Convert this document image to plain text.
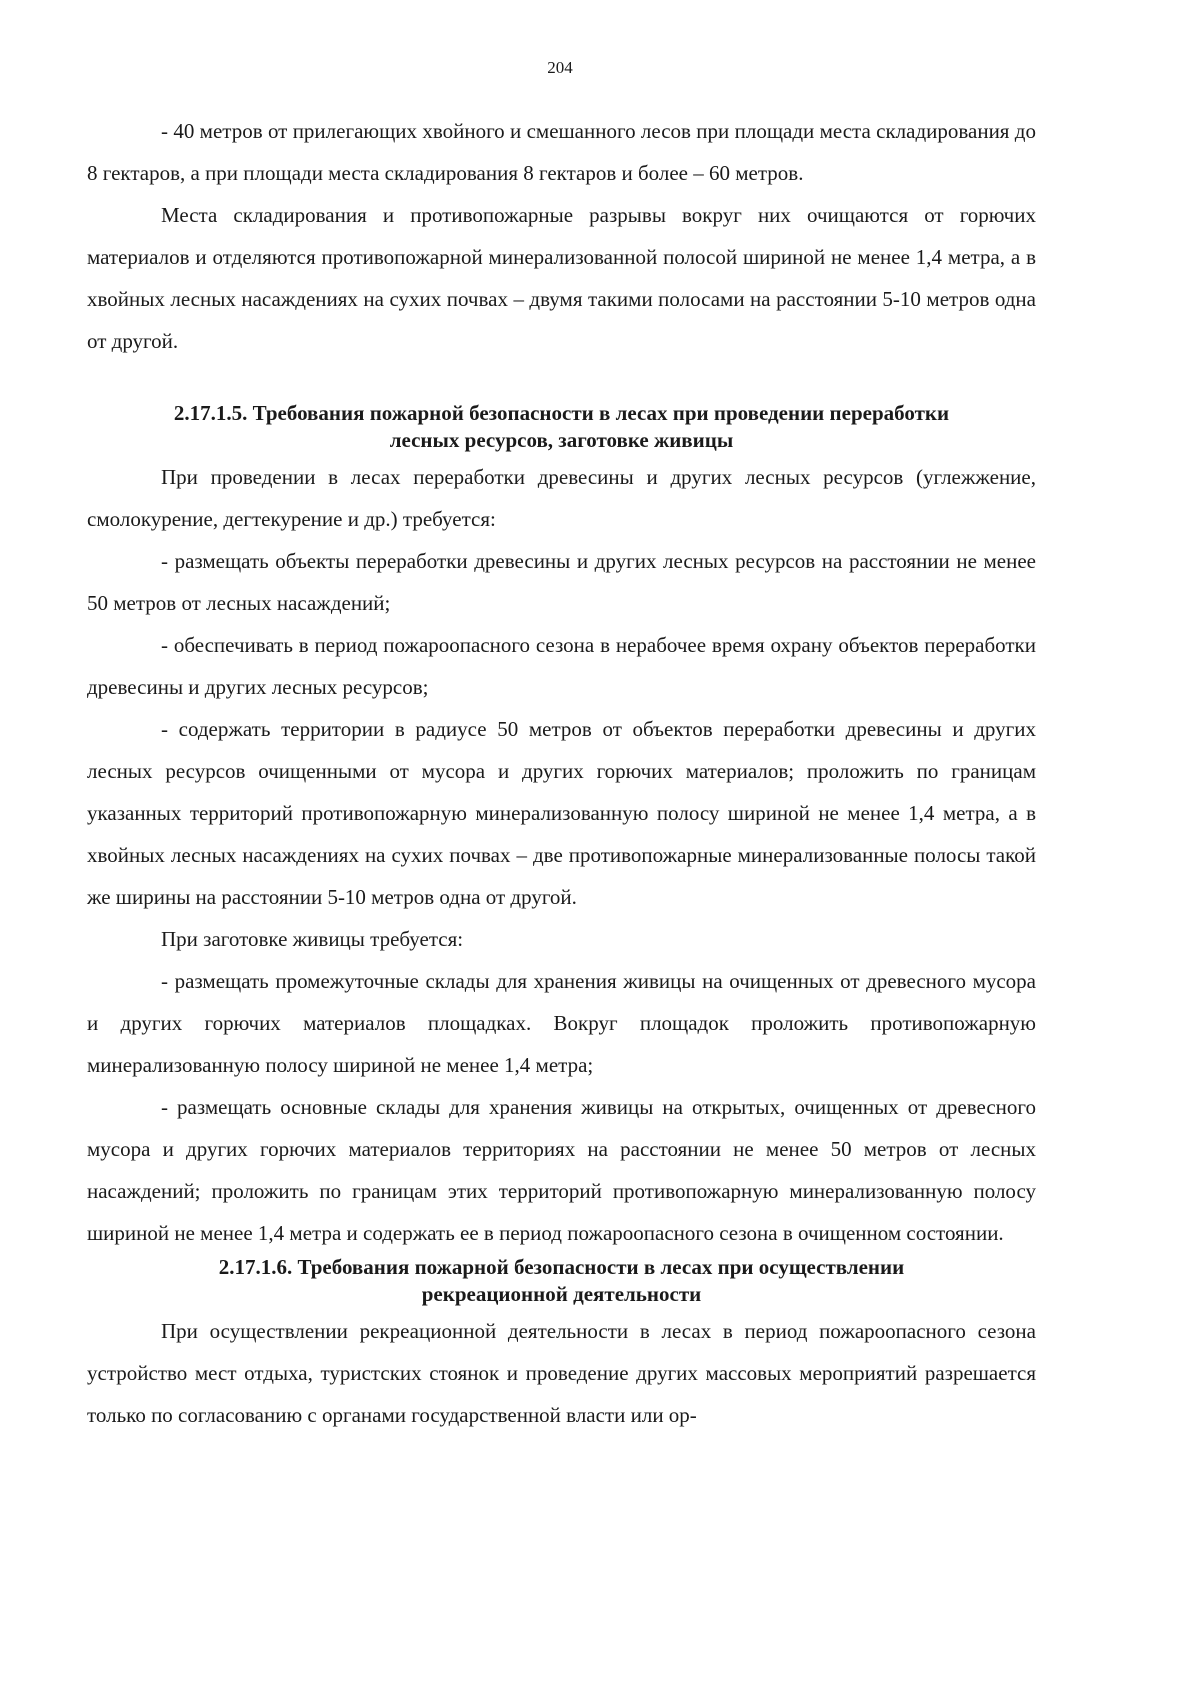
204

- 40 метров от прилегающих хвойного и смешанного лесов при площади места складирования до 8 гектаров, а при площади места складирования 8 гектаров и более – 60 метров.

Места складирования и противопожарные разрывы вокруг них очищаются от горючих материалов и отделяются противопожарной минерализованной полосой шириной не менее 1,4 метра, а в хвойных лесных насаждениях на сухих почвах – двумя такими полосами на расстоянии 5-10 метров одна от другой.

2.17.1.5. Требования пожарной безопасности в лесах при проведении переработки
лесных ресурсов, заготовке живицы

При проведении в лесах переработки древесины и других лесных ресурсов (углежжение, смолокурение, дегтекурение и др.) требуется:

- размещать объекты переработки древесины и других лесных ресурсов на расстоянии не менее 50 метров от лесных насаждений;

- обеспечивать в период пожароопасного сезона в нерабочее время охрану объектов переработки древесины и других лесных ресурсов;

- содержать территории в радиусе 50 метров от объектов переработки древесины и других лесных ресурсов очищенными от мусора и других горючих материалов; проложить по границам указанных территорий противопожарную минерализованную полосу шириной не менее 1,4 метра, а в хвойных лесных насаждениях на сухих почвах – две противопожарные минерализованные полосы такой же ширины на расстоянии 5-10 метров одна от другой.

При заготовке живицы требуется:

- размещать промежуточные склады для хранения живицы на очищенных от древесного мусора и других горючих материалов площадках. Вокруг площадок проложить противопожарную минерализованную полосу шириной не менее 1,4 метра;

- размещать основные склады для хранения живицы на открытых, очищенных от древесного мусора и других горючих материалов территориях на расстоянии не менее 50 метров от лесных насаждений; проложить по границам этих территорий противопожарную минерализованную полосу шириной не менее 1,4 метра и содержать ее в период пожароопасного сезона в очищенном состоянии.

2.17.1.6. Требования пожарной безопасности в лесах при осуществлении
рекреационной деятельности

При осуществлении рекреационной деятельности в лесах в период пожароопасного сезона устройство мест отдыха, туристских стоянок и проведение других массовых мероприятий разрешается только по согласованию с органами государственной власти или ор-
